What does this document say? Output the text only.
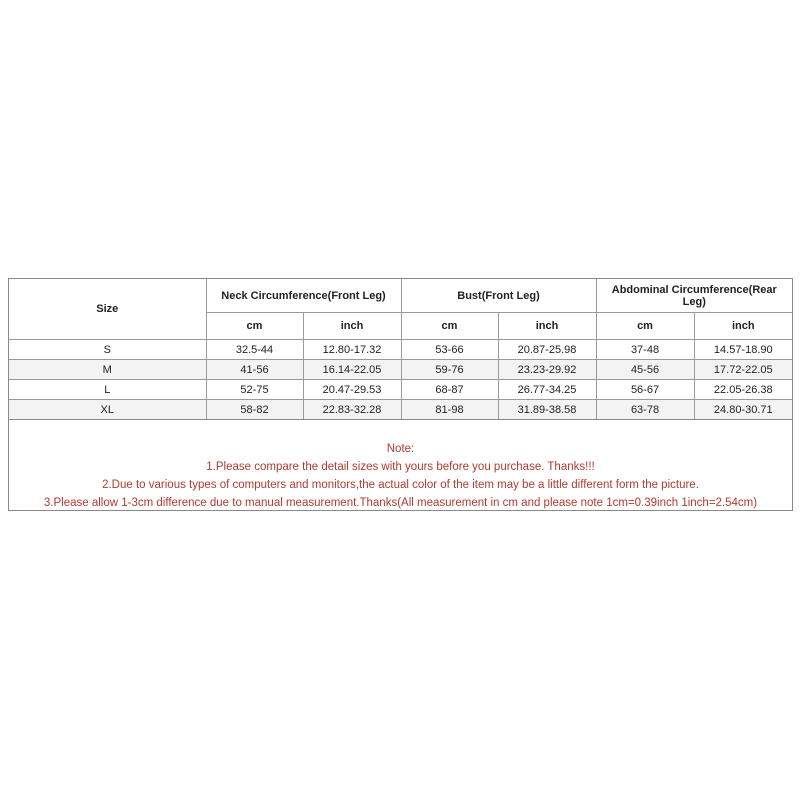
Size	Neck Circumference(Front Leg)		Bust(Front Leg)		Abdominal Circumference(Rear Leg)	

	cm	inch	cm	inch	cm	inch
S	32.5-44	12.80-17.32	53-66	20.87-25.98	37-48	14.57-18.90
M	41-56	16.14-22.05	59-76	23.23-29.92	45-56	17.72-22.05
L	52-75	20.47-29.53	68-87	26.77-34.25	56-67	22.05-26.38
XL	58-82	22.83-32.28	81-98	31.89-38.58	63-78	24.80-30.71
Note:
1.Please compare the detail sizes with yours before you purchase. Thanks!!!
2.Due to various types of computers and monitors,the actual color of the item may be a little different form the picture.
3.Please allow 1-3cm difference due to manual measurement.Thanks(All measurement in cm and please note 1cm=0.39inch 1inch=2.54cm)
